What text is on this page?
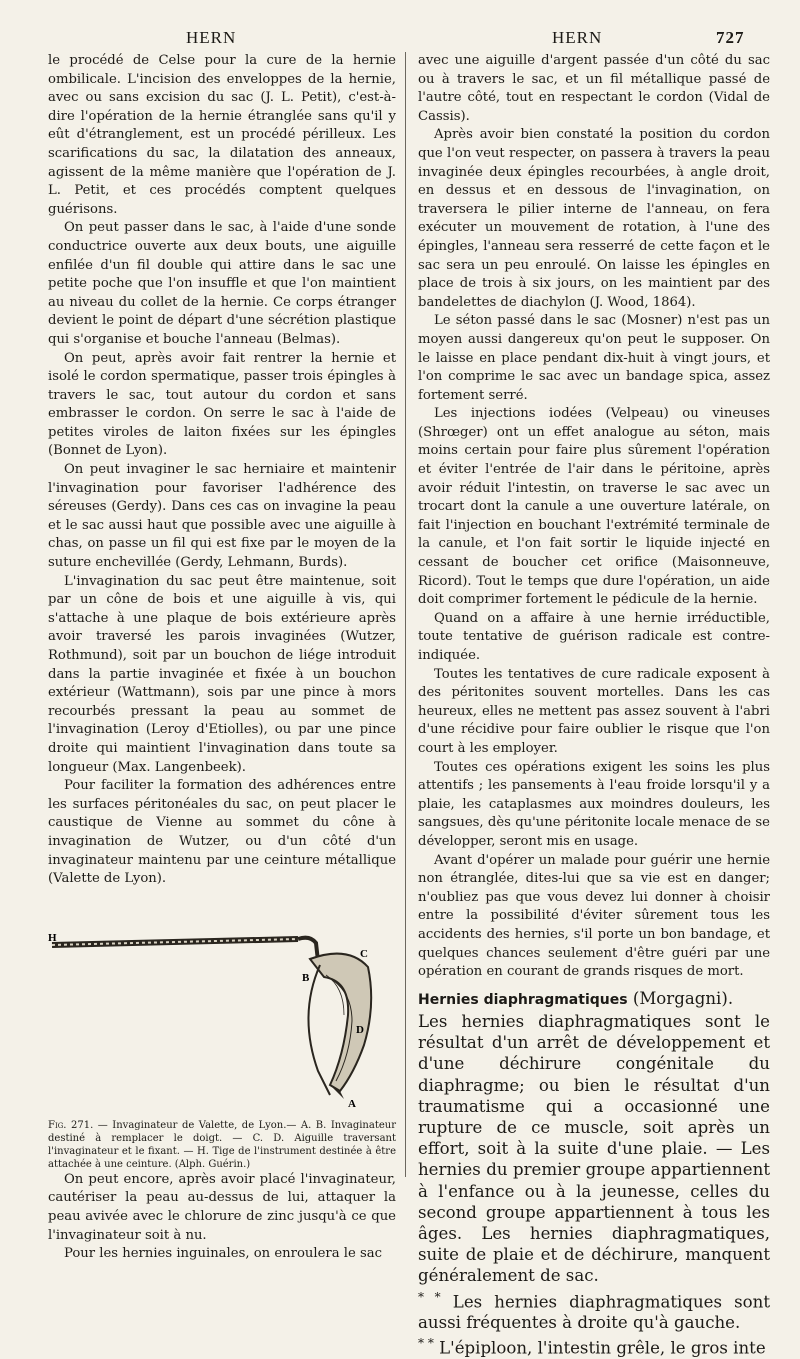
HERN	HERN	727

le procédé de Celse pour la cure de la hernie ombilicale. L'incision des enveloppes de la hernie, avec ou sans excision du sac (J. L. Petit), c'est-à-dire l'opération de la hernie étranglée sans qu'il y eût d'étranglement, est un procédé périlleux. Les scarifications du sac, la dilatation des anneaux, agissent de la même manière que l'opération de J. L. Petit, et ces procédés comptent quelques guérisons.

On peut passer dans le sac, à l'aide d'une sonde conductrice ouverte aux deux bouts, une aiguille enfilée d'un fil double qui attire dans le sac une petite poche que l'on insuffle et que l'on maintient au niveau du collet de la hernie. Ce corps étranger devient le point de départ d'une sécrétion plastique qui s'organise et bouche l'anneau (Belmas).

On peut, après avoir fait rentrer la hernie et isolé le cordon spermatique, passer trois épingles à travers le sac, tout autour du cordon et sans embrasser le cordon. On serre le sac à l'aide de petites viroles de laiton fixées sur les épingles (Bonnet de Lyon).

On peut invaginer le sac herniaire et maintenir l'invagination pour favoriser l'adhérence des séreuses (Gerdy). Dans ces cas on invagine la peau et le sac aussi haut que possible avec une aiguille à chas, on passe un fil qui est fixe par le moyen de la suture enchevillée (Gerdy, Lehmann, Burds).

L'invagination du sac peut être maintenue, soit par un cône de bois et une aiguille à vis, qui s'attache à une plaque de bois extérieure après avoir traversé les parois invaginées (Wutzer, Rothmund), soit par un bouchon de liége introduit dans la partie invaginée et fixée à un bouchon extérieur (Wattmann), sois par une pince à mors recourbés pressant la peau au sommet de l'invagination (Leroy d'Etiolles), ou par une pince droite qui maintient l'invagination dans toute sa longueur (Max. Langenbeek).

Pour faciliter la formation des adhérences entre les surfaces péritonéales du sac, on peut placer le caustique de Vienne au sommet du cône à invagination de Wutzer, ou d'un côté d'un invaginateur maintenu par une ceinture métallique (Valette de Lyon).

H
B
C
D
A

Fig. 271. — Invaginateur de Valette, de Lyon.— A. B. Invaginateur destiné à remplacer le doigt. — C. D. Aiguille traversant l'invaginateur et le fixant. — H. Tige de l'instrument destinée à être attachée à une ceinture. (Alph. Guérin.)

On peut encore, après avoir placé l'invaginateur, cautériser la peau au-dessus de lui, attaquer la peau avivée avec le chlorure de zinc jusqu'à ce que l'invaginateur soit à nu.

Pour les hernies inguinales, on enroulera le sac

avec une aiguille d'argent passée d'un côté du sac ou à travers le sac, et un fil métallique passé de l'autre côté, tout en respectant le cordon (Vidal de Cassis).

Après avoir bien constaté la position du cordon que l'on veut respecter, on passera à travers la peau invaginée deux épingles recourbées, à angle droit, en dessus et en dessous de l'invagination, on traversera le pilier interne de l'anneau, on fera exécuter un mouvement de rotation, à l'une des épingles, l'anneau sera resserré de cette façon et le sac sera un peu enroulé. On laisse les épingles en place de trois à six jours, on les maintient par des bandelettes de diachylon (J. Wood, 1864).

Le séton passé dans le sac (Mosner) n'est pas un moyen aussi dangereux qu'on peut le supposer. On le laisse en place pendant dix-huit à vingt jours, et l'on comprime le sac avec un bandage spica, assez fortement serré.

Les injections iodées (Velpeau) ou vineuses (Shrœger) ont un effet analogue au séton, mais moins certain pour faire plus sûrement l'opération et éviter l'entrée de l'air dans le péritoine, après avoir réduit l'intestin, on traverse le sac avec un trocart dont la canule a une ouverture latérale, on fait l'injection en bouchant l'extrémité terminale de la canule, et l'on fait sortir le liquide injecté en cessant de boucher cet orifice (Maisonneuve, Ricord). Tout le temps que dure l'opération, un aide doit comprimer fortement le pédicule de la hernie.

Quand on a affaire à une hernie irréductible, toute tentative de guérison radicale est contre-indiquée.

Toutes les tentatives de cure radicale exposent à des péritonites souvent mortelles. Dans les cas heureux, elles ne mettent pas assez souvent à l'abri d'une récidive pour faire oublier le risque que l'on court à les employer.

Toutes ces opérations exigent les soins les plus attentifs ; les pansements à l'eau froide lorsqu'il y a plaie, les cataplasmes aux moindres douleurs, les sangsues, dès qu'une péritonite locale menace de se développer, seront mis en usage.

Avant d'opérer un malade pour guérir une hernie non étranglée, dites-lui que sa vie est en danger; n'oubliez pas que vous devez lui donner à choisir entre la possibilité d'éviter sûrement tous les accidents des hernies, s'il porte un bon bandage, et quelques chances seulement d'être guéri par une opération en courant de grands risques de mort.

Hernies diaphragmatiques (Morgagni).

Les hernies diaphragmatiques sont le résultat d'un arrêt de développement et d'une déchirure congénitale du diaphragme; ou bien le résultat d'un traumatisme qui a occasionné une rupture de ce muscle, soit après un effort, soit à la suite d'une plaie. — Les hernies du premier groupe appartiennent à l'enfance ou à la jeunesse, celles du second groupe appartiennent à tous les âges. Les hernies diaphragmatiques, suite de plaie et de déchirure, manquent généralement de sac.

* * Les hernies diaphragmatiques sont aussi fréquentes à droite qu'à gauche.

* * L'épiploon, l'intestin grêle, le gros inte
